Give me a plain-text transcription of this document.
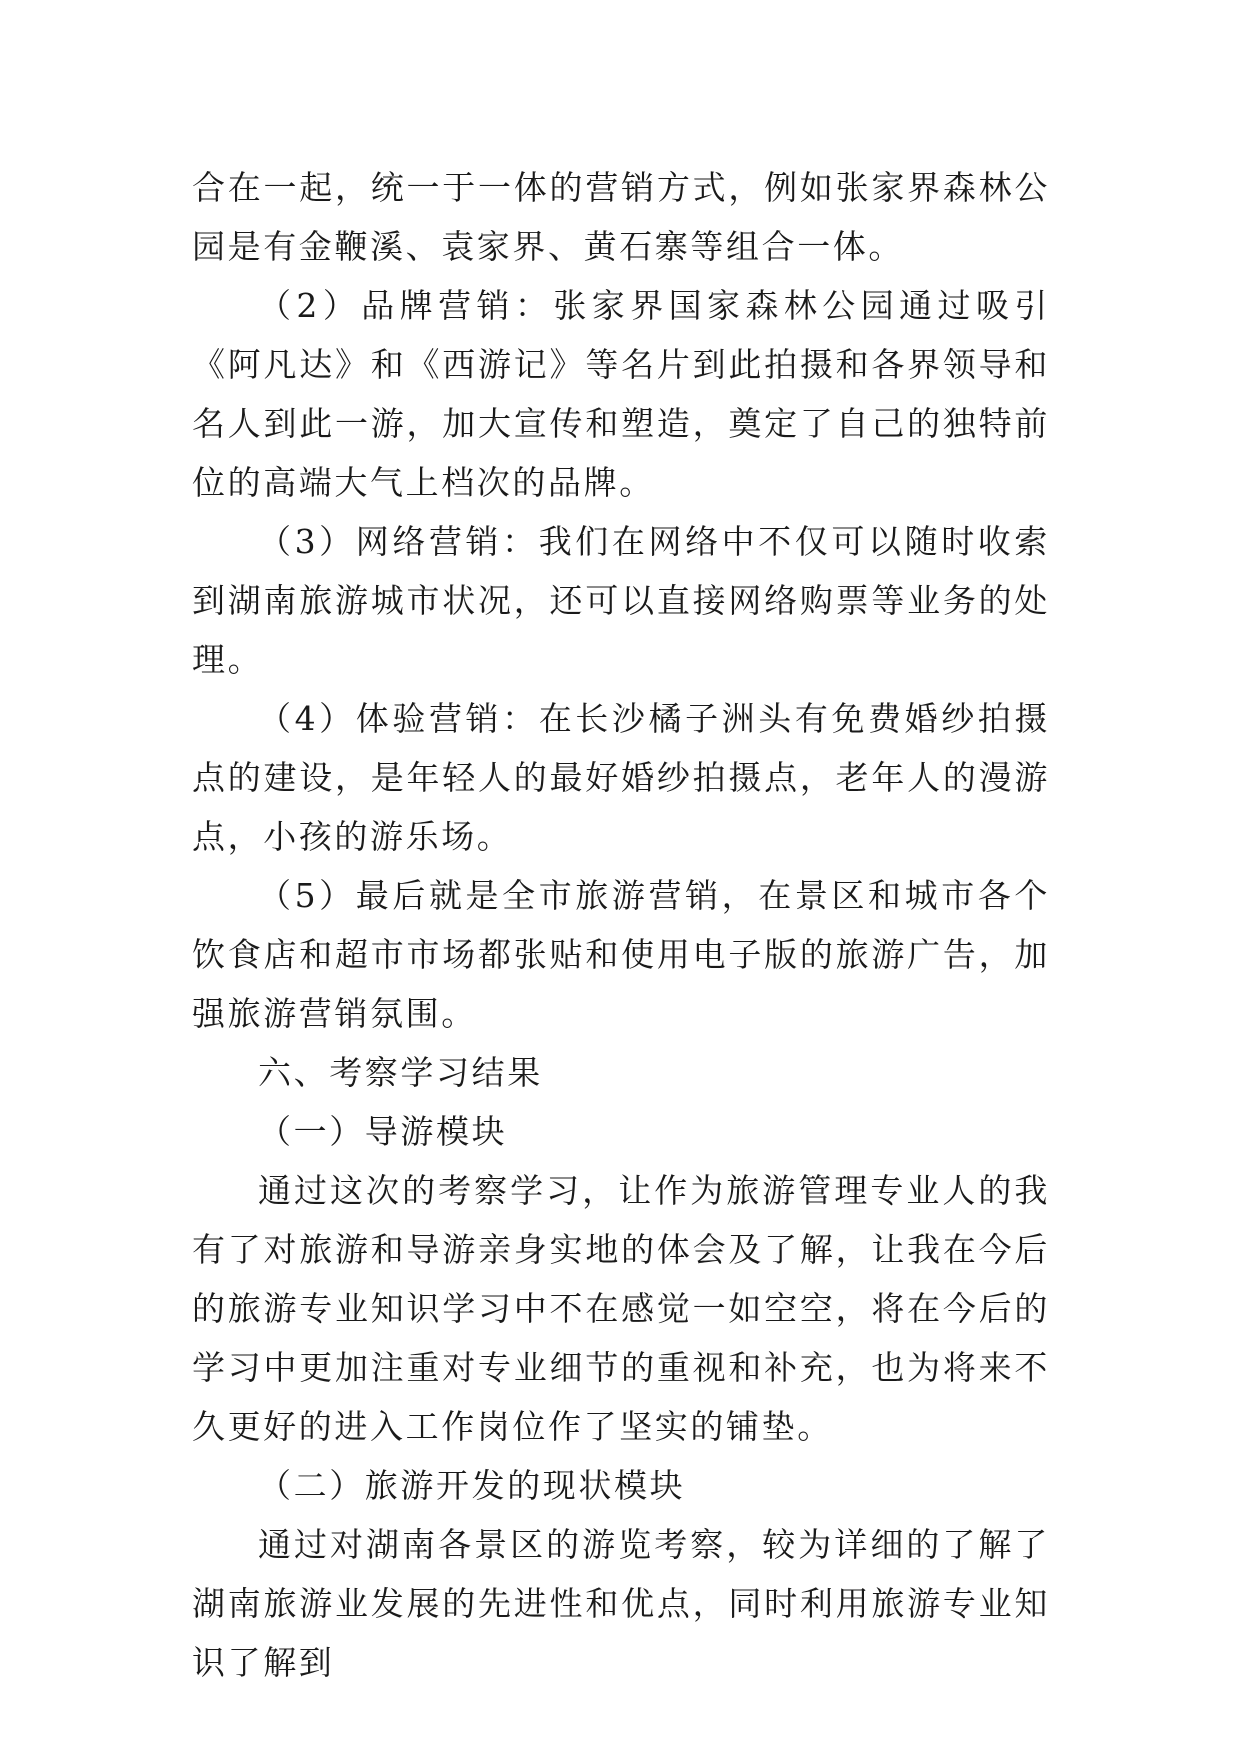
合在一起，统一于一体的营销方式，例如张家界森林公园是有金鞭溪、袁家界、黄石寨等组合一体。

（2）品牌营销：张家界国家森林公园通过吸引《阿凡达》和《西游记》等名片到此拍摄和各界领导和名人到此一游，加大宣传和塑造，奠定了自己的独特前位的高端大气上档次的品牌。

（3）网络营销：我们在网络中不仅可以随时收索到湖南旅游城市状况，还可以直接网络购票等业务的处理。

（4）体验营销：在长沙橘子洲头有免费婚纱拍摄点的建设，是年轻人的最好婚纱拍摄点，老年人的漫游点，小孩的游乐场。

（5）最后就是全市旅游营销，在景区和城市各个饮食店和超市市场都张贴和使用电子版的旅游广告，加强旅游营销氛围。

六、考察学习结果

（一）导游模块

通过这次的考察学习，让作为旅游管理专业人的我有了对旅游和导游亲身实地的体会及了解，让我在今后的旅游专业知识学习中不在感觉一如空空，将在今后的学习中更加注重对专业细节的重视和补充，也为将来不久更好的进入工作岗位作了坚实的铺垫。

（二）旅游开发的现状模块

通过对湖南各景区的游览考察，较为详细的了解了湖南旅游业发展的先进性和优点，同时利用旅游专业知识了解到
